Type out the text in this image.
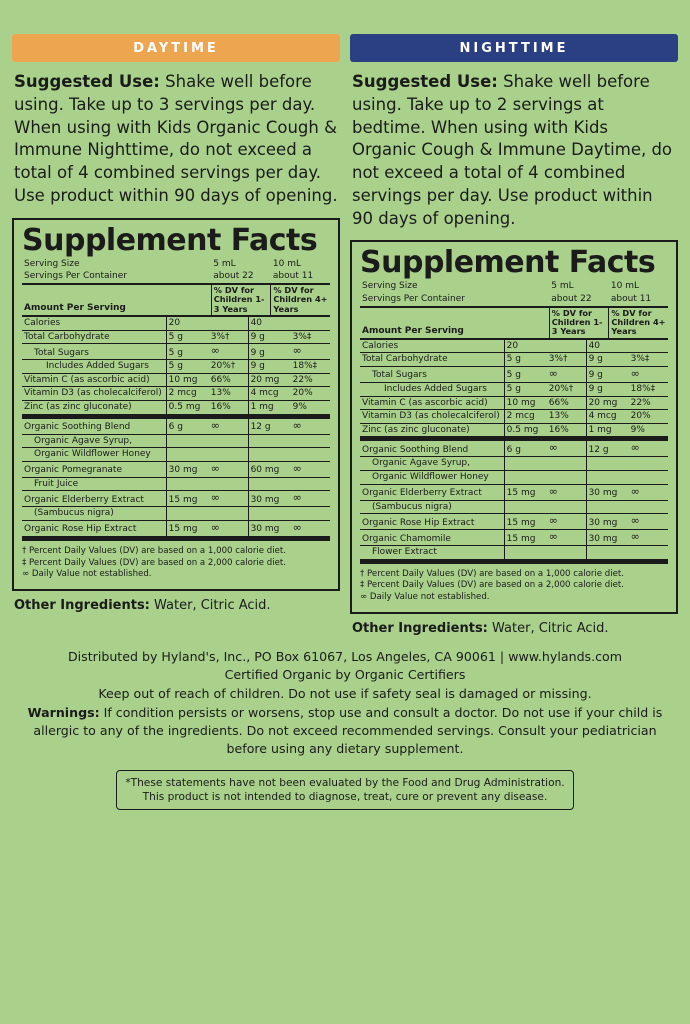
DAYTIME
Suggested Use: Shake well before using. Take up to 3 servings per day. When using with Kids Organic Cough & Immune Nighttime, do not exceed a total of 4 combined servings per day. Use product within 90 days of opening.
Supplement Facts
Serving Size	5 mL	10 mL
Servings Per Container	about 22	about 11
Amount Per Serving	% DV for Children 1-3 Years	% DV for Children 4+ Years
Calories	20		40	
Total Carbohydrate	5 g	3%†	9 g	3%‡
Total Sugars	5 g	∞	9 g	∞
Includes Added Sugars	5 g	20%†	9 g	18%‡
Vitamin C (as ascorbic acid)	10 mg	66%	20 mg	22%
Vitamin D3 (as cholecalciferol)	2 mcg	13%	4 mcg	20%
Zinc (as zinc gluconate)	0.5 mg	16%	1 mg	9%
Organic Soothing Blend	6 g	∞	12 g	∞
Organic Agave Syrup,				
Organic Wildflower Honey				
Organic Pomegranate	30 mg	∞	60 mg	∞
Fruit Juice				
Organic Elderberry Extract	15 mg	∞	30 mg	∞
(Sambucus nigra)				
Organic Rose Hip Extract	15 mg	∞	30 mg	∞
† Percent Daily Values (DV) are based on a 1,000 calorie diet.
‡ Percent Daily Values (DV) are based on a 2,000 calorie diet.
∞ Daily Value not established.
Other Ingredients: Water, Citric Acid.
NIGHTTIME
Suggested Use: Shake well before using. Take up to 2 servings at bedtime. When using with Kids Organic Cough & Immune Daytime, do not exceed a total of 4 combined servings per day. Use product within 90 days of opening.
Supplement Facts
Serving Size	5 mL	10 mL
Servings Per Container	about 22	about 11
Amount Per Serving	% DV for Children 1-3 Years	% DV for Children 4+ Years
Calories	20		40	
Total Carbohydrate	5 g	3%†	9 g	3%‡
Total Sugars	5 g	∞	9 g	∞
Includes Added Sugars	5 g	20%†	9 g	18%‡
Vitamin C (as ascorbic acid)	10 mg	66%	20 mg	22%
Vitamin D3 (as cholecalciferol)	2 mcg	13%	4 mcg	20%
Zinc (as zinc gluconate)	0.5 mg	16%	1 mg	9%
Organic Soothing Blend	6 g	∞	12 g	∞
Organic Agave Syrup,				
Organic Wildflower Honey				
Organic Elderberry Extract	15 mg	∞	30 mg	∞
(Sambucus nigra)				
Organic Rose Hip Extract	15 mg	∞	30 mg	∞
Organic Chamomile	15 mg	∞	30 mg	∞
Flower Extract				
† Percent Daily Values (DV) are based on a 1,000 calorie diet.
‡ Percent Daily Values (DV) are based on a 2,000 calorie diet.
∞ Daily Value not established.
Other Ingredients: Water, Citric Acid.
Distributed by Hyland's, Inc., PO Box 61067, Los Angeles, CA 90061 | www.hylands.com
Certified Organic by Organic Certifiers
Keep out of reach of children. Do not use if safety seal is damaged or missing.
Warnings: If condition persists or worsens, stop use and consult a doctor. Do not use if your child is allergic to any of the ingredients. Do not exceed recommended servings. Consult your pediatrician before using any dietary supplement.
*These statements have not been evaluated by the Food and Drug Administration.
This product is not intended to diagnose, treat, cure or prevent any disease.
